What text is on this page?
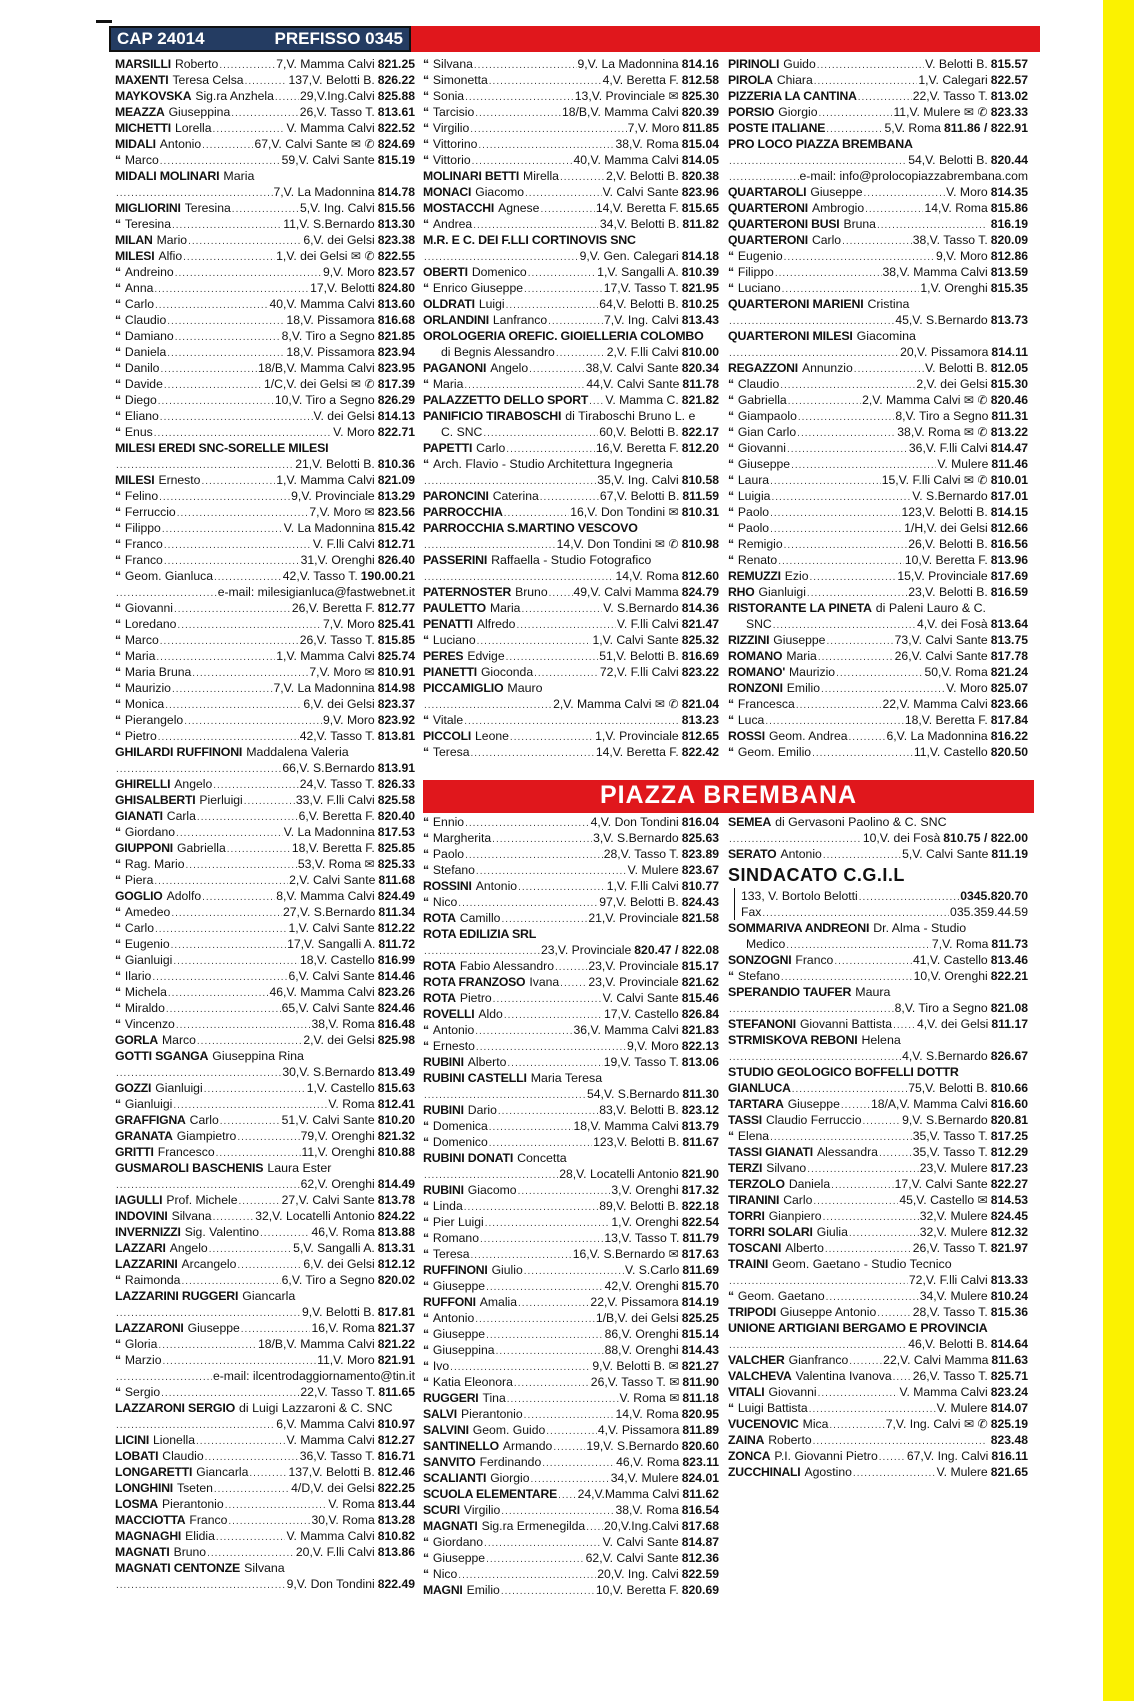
CAP 24014	PREFISSO 0345
MARSILLI Roberto .....	7,V. Mamma Calvi 821.25
MAXENTI Teresa Celsa .....	137,V. Belotti B. 826.22
MAYKOVSKA Sig.ra Anzhela ..... 29,V.Ing.Calvi 825.88
MEAZZA Giuseppina .....	26,V. Tasso T. 813.61
MICHETTI Lorella .....	V. Mamma Calvi 822.52
MIDALI Antonio .....	67,V. Calvi Sante ✉ ✆ 824.69
“ Marco .....	59,V. Calvi Sante 815.19
MIDALI MOLINARI Maria
.....
7,V. La Madonnina 814.78
MIGLIORINI Teresina .....	5,V. Ing. Calvi 815.56
“ Teresina .....	11,V. S.Bernardo 813.30
MILAN Mario .....	6,V. dei Gelsi 823.38
MILESI Alfio .....	1,V. dei Gelsi ✉ ✆ 822.55
“ Andreino .....	9,V. Moro 823.57
“ Anna .....	17,V. Belotti 824.80
“ Carlo .....	40,V. Mamma Calvi 813.60
“ Claudio .....	18,V. Pissamora 816.68
“ Damiano .....	8,V. Tiro a Segno 821.85
“ Daniela .....	18,V. Pissamora 823.94
“ Danilo .....	18/B,V. Mamma Calvi 823.95
“ Davide .....	1/C,V. dei Gelsi ✉ ✆ 817.39
“ Diego .....	10,V. Tiro a Segno 826.29
“ Eliano .....	V. dei Gelsi 814.13
“ Enus .....	V. Moro 822.71
MILESI EREDI SNC-SORELLE MILESI
.....
21,V. Belotti B. 810.36
MILESI Ernesto .....	1,V. Mamma Calvi 821.09
“ Felino .....	9,V. Provinciale 813.29
“ Ferruccio .....	7,V. Moro ✉ 823.56
“ Filippo .....	V. La Madonnina 815.42
“ Franco .....	V. F.lli Calvi 812.71
“ Franco .....	31,V. Orenghi 826.40
“ Geom. Gianluca .....	42,V. Tasso T. 190.00.21
.....
e-mail: milesigianluca@fastwebnet.it
“ Giovanni .....	26,V. Beretta F. 812.77
“ Loredano .....	7,V. Moro 825.41
“ Marco .....	26,V. Tasso T. 815.85
“ Maria .....	1,V. Mamma Calvi 825.74
“ Maria Bruna .....	7,V. Moro ✉ 810.91
“ Maurizio .....	7,V. La Madonnina 814.98
“ Monica .....	6,V. dei Gelsi 823.37
“ Pierangelo .....	9,V. Moro 823.92
“ Pietro .....	42,V. Tasso T. 813.81
GHILARDI RUFFINONI Maddalena Valeria
.....
66,V. S.Bernardo 813.91
GHIRELLI Angelo .....	24,V. Tasso T. 826.33
GHISALBERTI Pierluigi .....	33,V. F.lli Calvi 825.58
GIANATI Carla .....	6,V. Beretta F. 820.40
“ Giordano .....	V. La Madonnina 817.53
GIUPPONI Gabriella .....	18,V. Beretta F. 825.85
“ Rag. Mario .....	53,V. Roma ✉ 825.33
“ Piera .....	2,V. Calvi Sante 811.68
GOGLIO Adolfo .....	8,V. Mamma Calvi 824.49
“ Amedeo .....	27,V. S.Bernardo 811.34
“ Carlo .....	1,V. Calvi Sante 812.22
“ Eugenio .....	17,V. Sangalli A. 811.72
“ Gianluigi .....	18,V. Castello 816.99
“ Ilario .....	6,V. Calvi Sante 814.46
“ Michela .....	46,V. Mamma Calvi 823.26
“ Miraldo .....	65,V. Calvi Sante 824.46
“ Vincenzo .....	38,V. Roma 816.48
GORLA Marco .....	2,V. dei Gelsi 825.98
GOTTI SGANGA Giuseppina Rina
.....
30,V. S.Bernardo 813.49
GOZZI Gianluigi .....	1,V. Castello 815.63
“ Gianluigi .....	V. Roma 812.41
GRAFFIGNA Carlo .....	51,V. Calvi Sante 810.20
GRANATA Giampietro .....	79,V. Orenghi 821.32
GRITTI Francesco .....	11,V. Orenghi 810.88
GUSMAROLI BASCHENIS Laura Ester
.....
62,V. Orenghi 814.49
IAGULLI Prof. Michele .....	27,V. Calvi Sante 813.78
INDOVINI Silvana .....	32,V. Locatelli Antonio 824.22
INVERNIZZI Sig. Valentino .....	46,V. Roma 813.88
LAZZARI Angelo .....	5,V. Sangalli A. 813.31
LAZZARINI Arcangelo .....	6,V. dei Gelsi 812.12
“ Raimonda .....	6,V. Tiro a Segno 820.02
LAZZARINI RUGGERI Giancarla
.....
9,V. Belotti B. 817.81
LAZZARONI Giuseppe .....	16,V. Roma 821.37
“ Gloria .....	18/B,V. Mamma Calvi 821.22
“ Marzio .....	11,V. Moro 821.91
.....
e-mail: ilcentrodaggiornamento@tin.it
“ Sergio .....	22,V. Tasso T. 811.65
LAZZARONI SERGIO di Luigi Lazzaroni & C. SNC
.....
6,V. Mamma Calvi 810.97
LICINI Lionella .....	V. Mamma Calvi 812.27
LOBATI Claudio .....	36,V. Tasso T. 816.71
LONGARETTI Giancarla .....	137,V. Belotti B. 812.46
LONGHINI Tseten .....	4/D,V. dei Gelsi 822.25
LOSMA Pierantonio .....	V. Roma 813.44
MACCIOTTA Franco .....	30,V. Roma 813.28
MAGNAGHI Elidia .....	V. Mamma Calvi 810.82
MAGNATI Bruno .....	20,V. F.lli Calvi 813.86
MAGNATI CENTONZE Silvana
.....
9,V. Don Tondini 822.49
“ Silvana .....	9,V. La Madonnina 814.16
“ Simonetta .....	4,V. Beretta F. 812.58
“ Sonia .....	13,V. Provinciale ✉ 825.30
“ Tarcisio .....	18/B,V. Mamma Calvi 820.39
“ Virgilio .....	7,V. Moro 811.85
“ Vittorino .....	38,V. Roma 815.04
“ Vittorio .....	40,V. Mamma Calvi 814.05
MOLINARI BETTI Mirella .....	2,V. Belotti B. 820.38
MONACI Giacomo .....	V. Calvi Sante 823.96
MOSTACCHI Agnese .....	14,V. Beretta F. 815.65
“ Andrea .....	34,V. Belotti B. 811.82
M.R. E C. DEI F.LLI CORTINOVIS SNC
.....
9,V. Gen. Calegari 814.18
OBERTI Domenico .....	1,V. Sangalli A. 810.39
“ Enrico Giuseppe .....	17,V. Tasso T. 821.95
OLDRATI Luigi .....	64,V. Belotti B. 810.25
ORLANDINI Lanfranco .....	7,V. Ing. Calvi 813.43
OROLOGERIA OREFIC. GIOIELLERIA COLOMBO
di Begnis Alessandro .....	2,V. F.lli Calvi 810.00
PAGANONI Angelo .....	38,V. Calvi Sante 820.34
“ Maria .....	44,V. Calvi Sante 811.78
PALAZZETTO DELLO SPORT ..... V. Mamma C. 821.82
PANIFICIO TIRABOSCHI di Tiraboschi Bruno L. e
C. SNC .....	60,V. Belotti B. 822.17
PAPETTI Carlo .....	16,V. Beretta F. 812.20
“ Arch. Flavio - Studio Architettura Ingegneria
.....
35,V. Ing. Calvi 810.58
PARONCINI Caterina .....	67,V. Belotti B. 811.59
PARROCCHIA .....	16,V. Don Tondini ✉ 810.31
PARROCCHIA S.MARTINO VESCOVO
.....
14,V. Don Tondini ✉ ✆ 810.98
PASSERINI Raffaella - Studio Fotografico
.....
14,V. Roma 812.60
PATERNOSTER Bruno ..... 49,V. Calvi Mamma 824.79
PAULETTO Maria .....	V. S.Bernardo 814.36
PENATTI Alfredo .....	V. F.lli Calvi 821.47
“ Luciano .....	1,V. Calvi Sante 825.32
PERES Edvige .....	51,V. Belotti B. 816.69
PIANETTI Gioconda .....	72,V. F.lli Calvi 823.22
PICCAMIGLIO Mauro
.....
2,V. Mamma Calvi ✉ ✆ 821.04
“ Vitale .....	813.23
PICCOLI Leone .....	1,V. Provinciale 812.65
“ Teresa .....	14,V. Beretta F. 822.42
PIRINOLI Guido .....	V. Belotti B. 815.57
PIROLA Chiara .....	1,V. Calegari 822.57
PIZZERIA LA CANTINA .....	22,V. Tasso T. 813.02
PORSIO Giorgio .....	11,V. Mulere ✉ ✆ 823.33
POSTE ITALIANE .....	5,V. Roma 811.86 / 822.91
PRO LOCO PIAZZA BREMBANA
.....
54,V. Belotti B. 820.44
.....
e-mail: info@prolocopiazzabrembana.com
QUARTAROLI Giuseppe .....	V. Moro 814.35
QUARTERONI Ambrogio .....	14,V. Roma 815.86
QUARTERONI BUSI Bruna .....	816.19
QUARTERONI Carlo .....	38,V. Tasso T. 820.09
“ Eugenio .....	9,V. Moro 812.86
“ Filippo .....	38,V. Mamma Calvi 813.59
“ Luciano .....	1,V. Orenghi 815.35
QUARTERONI MARIENI Cristina
.....
45,V. S.Bernardo 813.73
QUARTERONI MILESI Giacomina
.....
20,V. Pissamora 814.11
REGAZZONI Annunzio .....	V. Belotti B. 812.05
“ Claudio .....	2,V. dei Gelsi 815.30
“ Gabriella .....	2,V. Mamma Calvi ✉ ✆ 820.46
“ Giampaolo .....	8,V. Tiro a Segno 811.31
“ Gian Carlo .....	38,V. Roma ✉ ✆ 813.22
“ Giovanni .....	36,V. F.lli Calvi 814.47
“ Giuseppe .....	V. Mulere 811.46
“ Laura .....	15,V. F.lli Calvi ✉ ✆ 810.01
“ Luigia .....	V. S.Bernardo 817.01
“ Paolo .....	123,V. Belotti B. 814.15
“ Paolo .....	1/H,V. dei Gelsi 812.66
“ Remigio .....	26,V. Belotti B. 816.56
“ Renato .....	10,V. Beretta F. 813.96
REMUZZI Ezio .....	15,V. Provinciale 817.69
RHO Gianluigi .....	23,V. Belotti B. 816.59
RISTORANTE LA PINETA di Paleni Lauro & C.
SNC .....	4,V. dei Fosà 813.64
RIZZINI Giuseppe .....	73,V. Calvi Sante 813.75
ROMANO Maria .....	26,V. Calvi Sante 817.78
ROMANO' Maurizio .....	50,V. Roma 821.24
RONZONI Emilio .....	V. Moro 825.07
“ Francesca .....	22,V. Mamma Calvi 823.66
“ Luca .....	18,V. Beretta F. 817.84
ROSSI Geom. Andrea .....	6,V. La Madonnina 816.22
“ Geom. Emilio .....	11,V. Castello 820.50
PIAZZA BREMBANA
“ Ennio .....	4,V. Don Tondini 816.04
“ Margherita .....	3,V. S.Bernardo 825.63
“ Paolo .....	28,V. Tasso T. 823.89
“ Stefano .....	V. Mulere 823.67
ROSSINI Antonio .....	1,V. F.lli Calvi 810.77
“ Nico .....	97,V. Belotti B. 824.43
ROTA Camillo .....	21,V. Provinciale 821.58
ROTA EDILIZIA SRL
.....
23,V. Provinciale 820.47 / 822.08
ROTA Fabio Alessandro .....	23,V. Provinciale 815.17
ROTA FRANZOSO Ivana ..... 23,V. Provinciale 821.62
ROTA Pietro .....	V. Calvi Sante 815.46
ROVELLI Aldo .....	17,V. Castello 826.84
“ Antonio .....	36,V. Mamma Calvi 821.83
“ Ernesto .....	9,V. Moro 822.13
RUBINI Alberto .....	19,V. Tasso T. 813.06
RUBINI CASTELLI Maria Teresa
.....
54,V. S.Bernardo 811.30
RUBINI Dario .....	83,V. Belotti B. 823.12
“ Domenica .....	18,V. Mamma Calvi 813.79
“ Domenico .....	123,V. Belotti B. 811.67
RUBINI DONATI Concetta
.....
28,V. Locatelli Antonio 821.90
RUBINI Giacomo .....	3,V. Orenghi 817.32
“ Linda .....	89,V. Belotti B. 822.18
“ Pier Luigi .....	1,V. Orenghi 822.54
“ Romano .....	13,V. Tasso T. 811.79
“ Teresa .....	16,V. S.Bernardo ✉ 817.63
RUFFINONI Giulio .....	V. S.Carlo 811.69
“ Giuseppe .....	42,V. Orenghi 815.70
RUFFONI Amalia .....	22,V. Pissamora 814.19
“ Antonio .....	1/B,V. dei Gelsi 825.25
“ Giuseppe .....	86,V. Orenghi 815.14
“ Giuseppina .....	88,V. Orenghi 814.43
“ Ivo .....	9,V. Belotti B. ✉ 821.27
“ Katia Eleonora .....	26,V. Tasso T. ✉ 811.90
RUGGERI Tina .....	V. Roma ✉ 811.18
SALVI Pierantonio .....	14,V. Roma 820.95
SALVINI Geom. Guido .....	4,V. Pissamora 811.89
SANTINELLO Armando .....	19,V. S.Bernardo 820.60
SANVITO Ferdinando .....	46,V. Roma 823.11
SCALIANTI Giorgio .....	34,V. Mulere 824.01
SCUOLA ELEMENTARE ..... 24,V.Mamma Calvi 811.62
SCURI Virgilio .....	38,V. Roma 816.54
MAGNATI Sig.ra Ermenegilda ..... 20,V.Ing.Calvi 817.68
“ Giordano .....	V. Calvi Sante 814.87
“ Giuseppe .....	62,V. Calvi Sante 812.36
“ Nico .....	20,V. Ing. Calvi 822.59
MAGNI Emilio .....	10,V. Beretta F. 820.69
SEMEA di Gervasoni Paolino & C. SNC
.....
10,V. dei Fosà 810.75 / 822.00
SERATO Antonio .....	5,V. Calvi Sante 811.19
SINDACATO C.G.I.L
133, V. Bortolo Belotti .....	0345.820.70
Fax .....	035.359.44.59
SOMMARIVA ANDREONI Dr. Alma - Studio
Medico .....	7,V. Roma 811.73
SONZOGNI Franco .....	41,V. Castello 813.46
“ Stefano .....	10,V. Orenghi 822.21
SPERANDIO TAUFER Maura
.....
8,V. Tiro a Segno 821.08
STEFANONI Giovanni Battista ..... 4,V. dei Gelsi 811.17
STRMISKOVA REBONI Helena
.....
4,V. S.Bernardo 826.67
STUDIO GEOLOGICO BOFFELLI DOTTR
GIANLUCA .....	75,V. Belotti B. 810.66
TARTARA Giuseppe .....	18/A,V. Mamma Calvi 816.60
TASSI Claudio Ferruccio .....	9,V. S.Bernardo 820.81
“ Elena .....	35,V. Tasso T. 817.25
TASSI GIANATI Alessandra .....	35,V. Tasso T. 812.29
TERZI Silvano .....	23,V. Mulere 817.23
TERZOLO Daniela .....	17,V. Calvi Sante 822.27
TIRANINI Carlo .....	45,V. Castello ✉ 814.53
TORRI Gianpiero .....	32,V. Mulere 824.45
TORRI SOLARI Giulia .....	32,V. Mulere 812.32
TOSCANI Alberto .....	26,V. Tasso T. 821.97
TRAINI Geom. Gaetano - Studio Tecnico
.....
72,V. F.lli Calvi 813.33
“ Geom. Gaetano .....	34,V. Mulere 810.24
TRIPODI Giuseppe Antonio .....	28,V. Tasso T. 815.36
UNIONE ARTIGIANI BERGAMO E PROVINCIA
.....
46,V. Belotti B. 814.64
VALCHER Gianfranco .....	22,V. Calvi Mamma 811.63
VALCHEVA Valentina Ivanova ..... 26,V. Tasso T. 825.71
VITALI Giovanni .....	V. Mamma Calvi 823.24
“ Luigi Battista .....	V. Mulere 814.07
VUCENOVIC Mica .....	7,V. Ing. Calvi ✉ ✆ 825.19
ZAINA Roberto .....	823.48
ZONCA P.I. Giovanni Pietro ..... 67,V. Ing. Calvi 816.11
ZUCCHINALI Agostino .....	V. Mulere 821.65
